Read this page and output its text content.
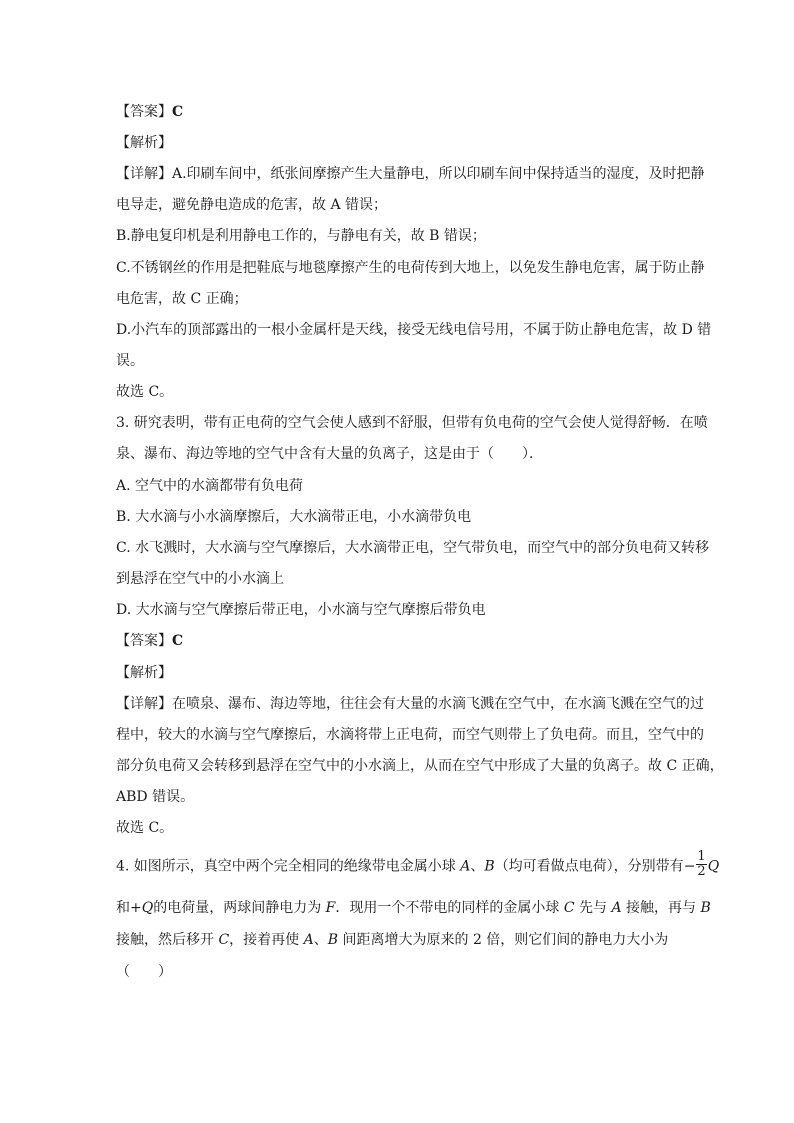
【答案】C
【解析】
【详解】A.印刷车间中，纸张间摩擦产生大量静电，所以印刷车间中保持适当的湿度，及时把静
电导走，避免静电造成的危害，故 A 错误；
B.静电复印机是利用静电工作的，与静电有关，故 B 错误；
C.不锈钢丝的作用是把鞋底与地毯摩擦产生的电荷传到大地上，以免发生静电危害，属于防止静
电危害，故 C 正确；
D.小汽车的顶部露出的一根小金属杆是天线，接受无线电信号用，不属于防止静电危害，故 D 错
误。
故选 C。
3. 研究表明，带有正电荷的空气会使人感到不舒服，但带有负电荷的空气会使人觉得舒畅．在喷
泉、瀑布、海边等地的空气中含有大量的负离子，这是由于（　　）．
A. 空气中的水滴都带有负电荷
B. 大水滴与小水滴摩擦后，大水滴带正电，小水滴带负电
C. 水飞溅时，大水滴与空气摩擦后，大水滴带正电，空气带负电，而空气中的部分负电荷又转移
到悬浮在空气中的小水滴上
D. 大水滴与空气摩擦后带正电，小水滴与空气摩擦后带负电
【答案】C
【解析】
【详解】在喷泉、瀑布、海边等地，往往会有大量的水滴飞溅在空气中，在水滴飞溅在空气的过
程中，较大的水滴与空气摩擦后，水滴将带上正电荷，而空气则带上了负电荷。而且，空气中的
部分负电荷又会转移到悬浮在空气中的小水滴上，从而在空气中形成了大量的负离子。故 C 正确，
ABD 错误。
故选 C。
4. 如图所示，真空中两个完全相同的绝缘带电金属小球 A、B（均可看做点电荷），分别带有− $\frac{1}{2}$ Q
和+Q的电荷量，两球间静电力为 F．现用一个不带电的同样的金属小球 C 先与 A 接触，再与 B
接触，然后移开 C，接着再使 A、B 间距离增大为原来的 2 倍，则它们间的静电力大小为
（　　）
